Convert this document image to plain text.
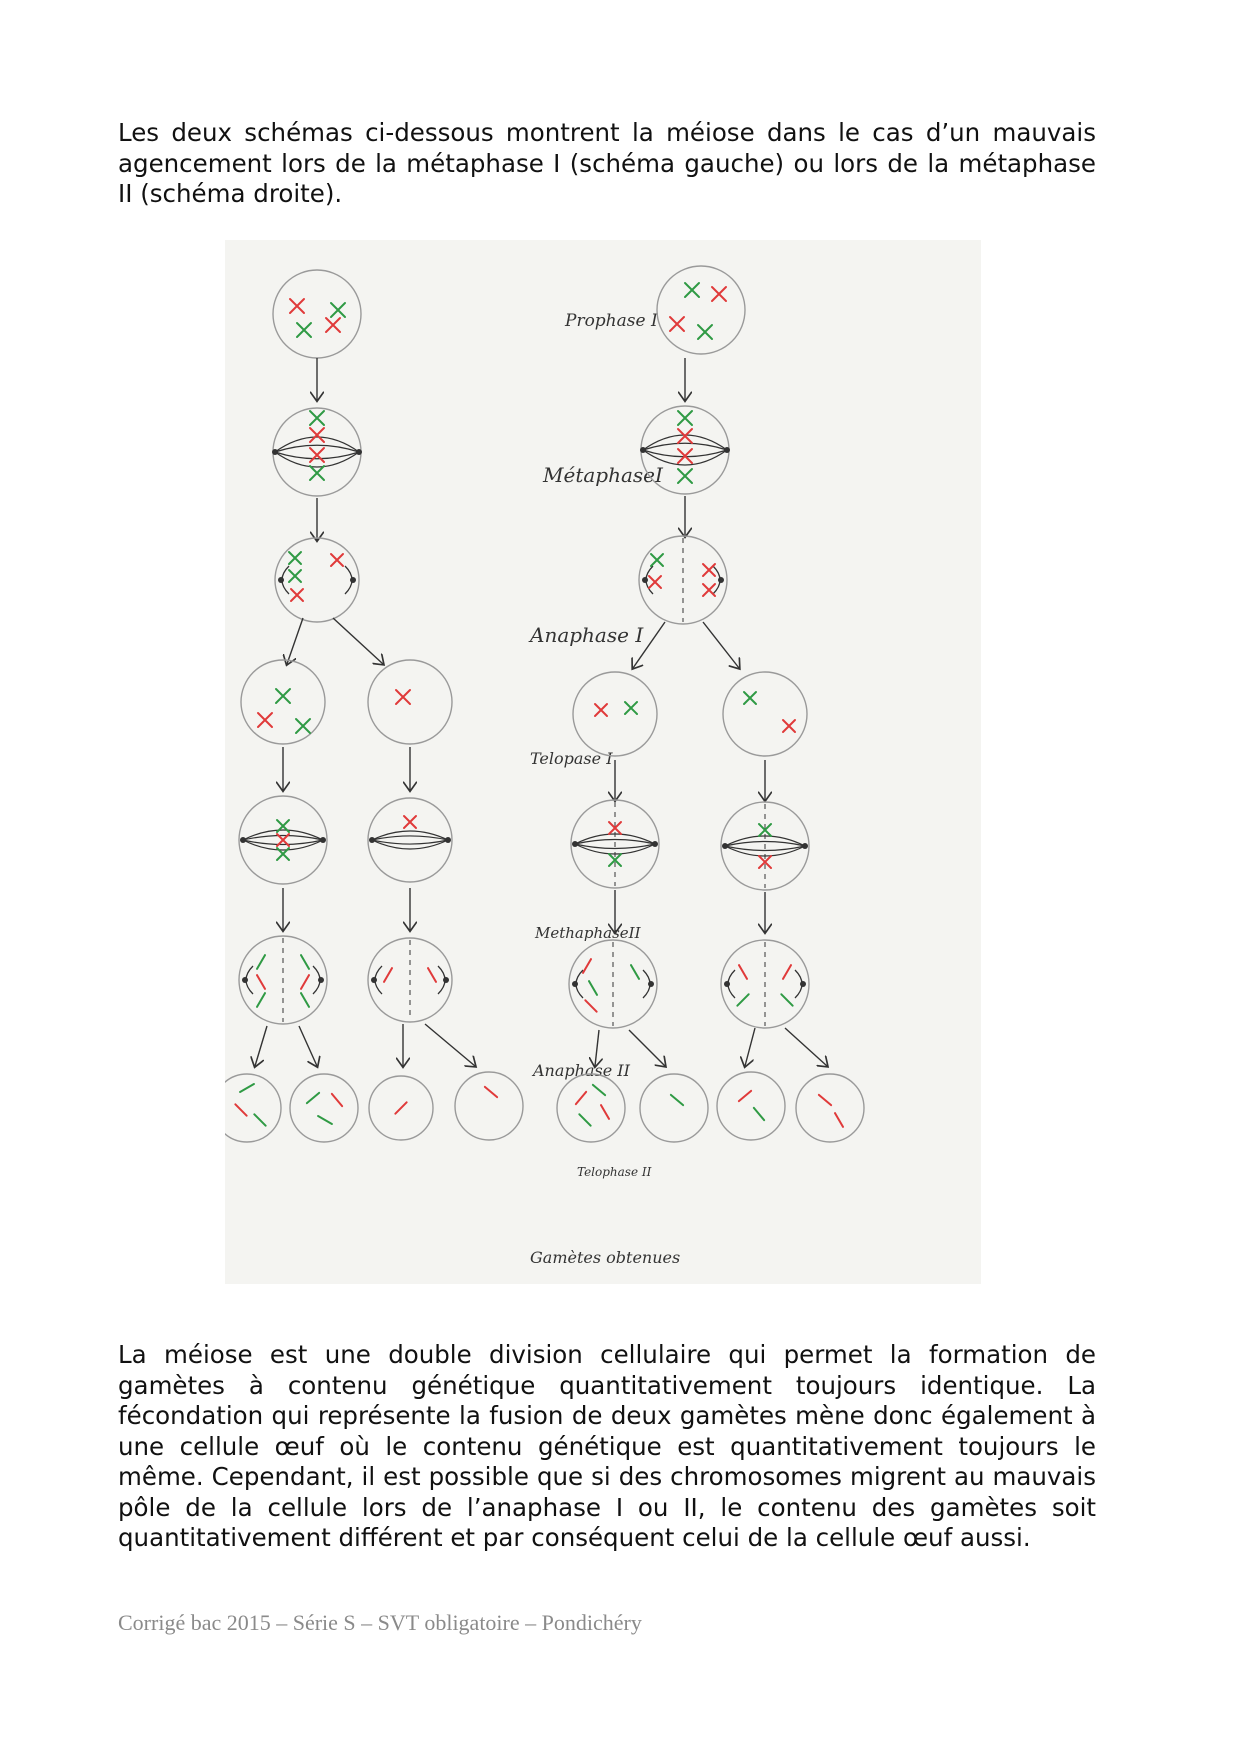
Les deux schémas ci-dessous montrent la méiose dans le cas d’un mauvais agencement lors de la métaphase I (schéma gauche) ou lors de la métaphase II (schéma droite).

Prophase I
MétaphaseI
Anaphase I
Telopase I
MethaphaseII
Anaphase II
Telophase II
Gamètes obtenues

La méiose est une double division cellulaire qui permet la formation de gamètes à contenu génétique quantitativement toujours identique. La fécondation qui représente la fusion de deux gamètes mène donc également à une cellule œuf où le contenu génétique est quantitativement toujours le même. Cependant, il est possible que si des chromosomes migrent au mauvais pôle de la cellule lors de l’anaphase I ou II, le contenu des gamètes soit quantitativement différent et par conséquent celui de la cellule œuf aussi.

Corrigé bac 2015 – Série S – SVT obligatoire – Pondichéry
